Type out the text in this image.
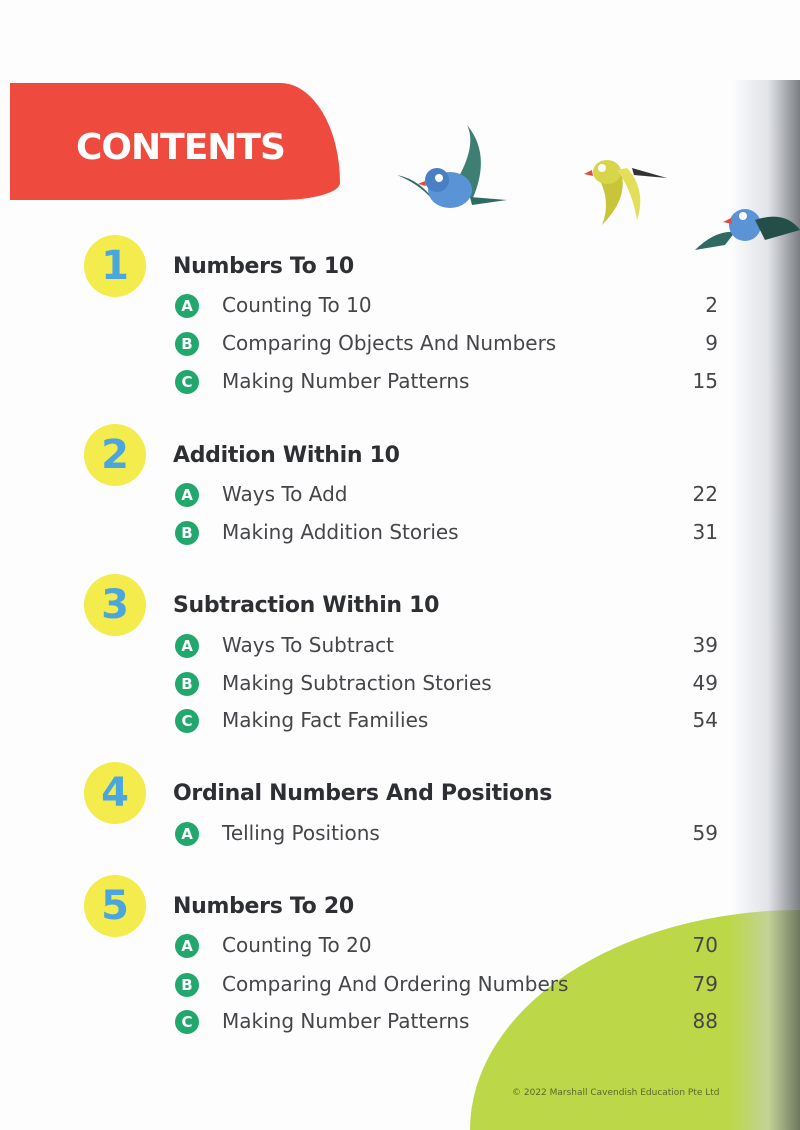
CONTENTS
1	Numbers To 10
A	Counting To 10	2
B	Comparing Objects And Numbers	9
C	Making Number Patterns	15
2	Addition Within 10
A	Ways To Add	22
B	Making Addition Stories	31
3	Subtraction Within 10
A	Ways To Subtract	39
B	Making Subtraction Stories	49
C	Making Fact Families	54
4	Ordinal Numbers And Positions
A	Telling Positions	59
5	Numbers To 20
A	Counting To 20	70
B	Comparing And Ordering Numbers	79
C	Making Number Patterns	88
© 2022 Marshall Cavendish Education Pte Ltd
